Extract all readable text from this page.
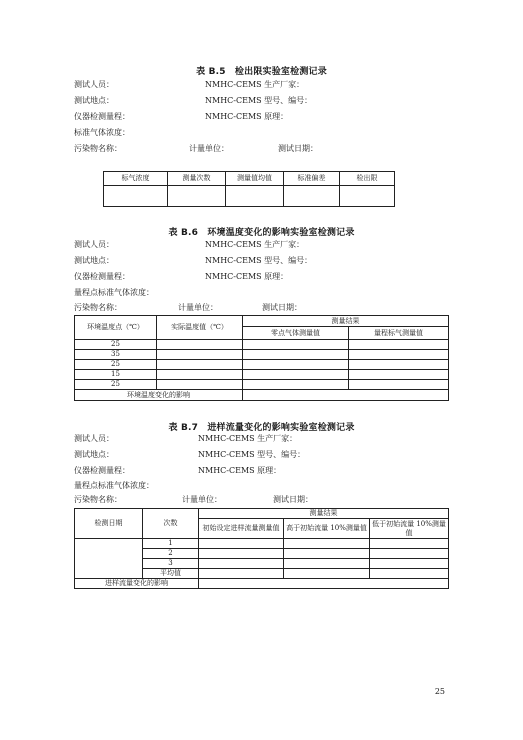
表 B.5　检出限实验室检测记录
测试人员：	NMHC-CEMS 生产厂家：
测试地点：	NMHC-CEMS 型号、编号：
仪器检测量程：	NMHC-CEMS 原理：
标准气体浓度：
污染物名称：	计量单位：	测试日期：
标气浓度	测量次数	测量值均值	标准偏差	检出限

表 B.6　环境温度变化的影响实验室检测记录
测试人员：	NMHC-CEMS 生产厂家：
测试地点：	NMHC-CEMS 型号、编号：
仪器检测量程：	NMHC-CEMS 原理：
量程点标准气体浓度：
污染物名称：	计量单位：	测试日期：
环境温度点（℃）	实际温度值（℃）	测量结果	
		零点气体测量值	量程标气测量值
25			
35			
25			
15			
25			
环境温度变化的影响			
表 B.7　进样流量变化的影响实验室检测记录
测试人员：	NMHC-CEMS 生产厂家：
测试地点：	NMHC-CEMS 型号、编号：
仪器检测量程：	NMHC-CEMS 原理：
量程点标准气体浓度：
污染物名称：	计量单位：	测试日期：
检测日期	次数	测量结果		
		初始设定进样流量测量值	高于初始流量 10%测量值	低于初始流量 10%测量值
	1			
	2			
	3			
	平均值			
进样流量变化的影响				
25
